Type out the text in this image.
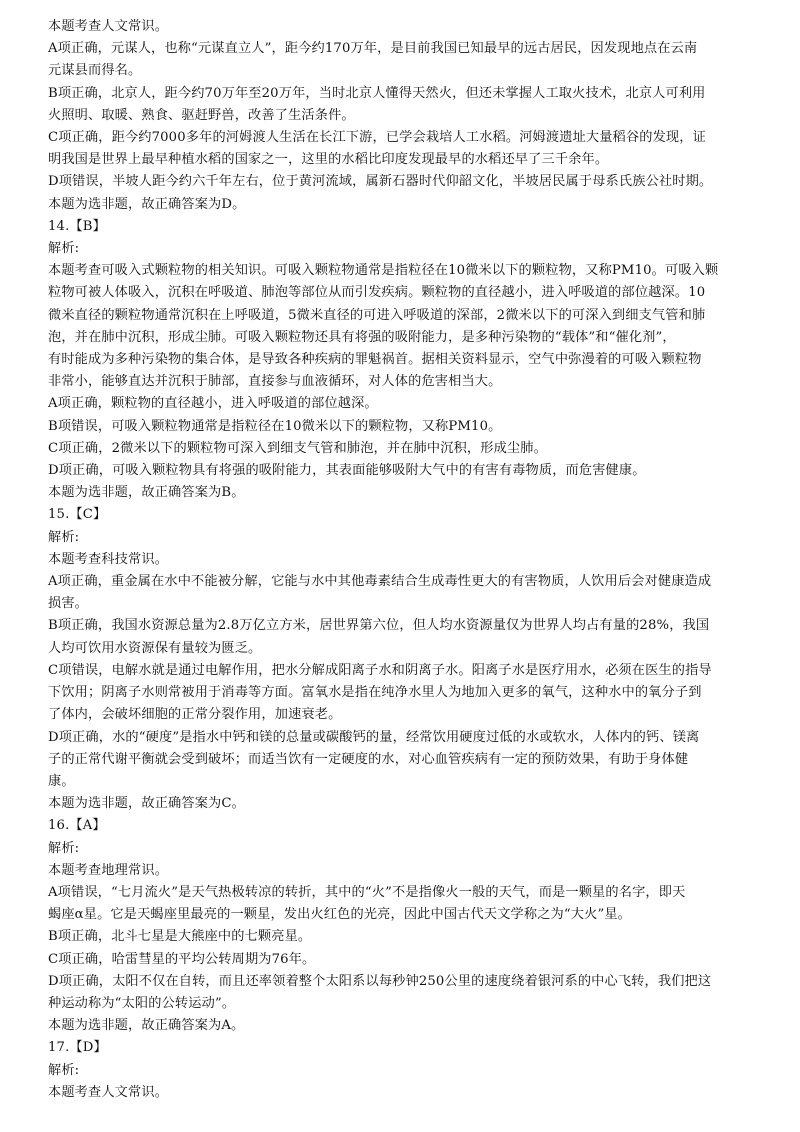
本题考查人文常识。
A项正确，元谋人，也称“元谋直立人”，距今约170万年，是目前我国已知最早的远古居民，因发现地点在云南
元谋县而得名。
B项正确，北京人，距今约70万年至20万年，当时北京人懂得天然火，但还未掌握人工取火技术，北京人可利用
火照明、取暖、熟食、驱赶野兽，改善了生活条件。
C项正确，距今约7000多年的河姆渡人生活在长江下游，已学会栽培人工水稻。河姆渡遗址大量稻谷的发现，证
明我国是世界上最早种植水稻的国家之一，这里的水稻比印度发现最早的水稻还早了三千余年。
D项错误，半坡人距今约六千年左右，位于黄河流域，属新石器时代仰韶文化，半坡居民属于母系氏族公社时期。
本题为选非题，故正确答案为D。
14.【B】
解析:
本题考查可吸入式颗粒物的相关知识。可吸入颗粒物通常是指粒径在10微米以下的颗粒物，又称PM10。可吸入颗
粒物可被人体吸入，沉积在呼吸道、肺泡等部位从而引发疾病。颗粒物的直径越小，进入呼吸道的部位越深。10
微米直径的颗粒物通常沉积在上呼吸道，5微米直径的可进入呼吸道的深部，2微米以下的可深入到细支气管和肺
泡，并在肺中沉积，形成尘肺。可吸入颗粒物还具有将强的吸附能力，是多种污染物的“载体”和“催化剂”，
有时能成为多种污染物的集合体，是导致各种疾病的罪魁祸首。据相关资料显示，空气中弥漫着的可吸入颗粒物
非常小，能够直达并沉积于肺部，直接参与血液循环，对人体的危害相当大。
A项正确，颗粒物的直径越小，进入呼吸道的部位越深。
B项错误，可吸入颗粒物通常是指粒径在10微米以下的颗粒物，又称PM10。
C项正确，2微米以下的颗粒物可深入到细支气管和肺泡，并在肺中沉积，形成尘肺。
D项正确，可吸入颗粒物具有将强的吸附能力，其表面能够吸附大气中的有害有毒物质，而危害健康。
本题为选非题，故正确答案为B。
15.【C】
解析:
本题考查科技常识。
A项正确，重金属在水中不能被分解，它能与水中其他毒素结合生成毒性更大的有害物质，人饮用后会对健康造成
损害。
B项正确，我国水资源总量为2.8万亿立方米，居世界第六位，但人均水资源量仅为世界人均占有量的28%，我国
人均可饮用水资源保有量较为匮乏。
C项错误，电解水就是通过电解作用，把水分解成阳离子水和阴离子水。阳离子水是医疗用水，必须在医生的指导
下饮用；阴离子水则常被用于消毒等方面。富氧水是指在纯净水里人为地加入更多的氧气，这种水中的氧分子到
了体内，会破坏细胞的正常分裂作用，加速衰老。
D项正确，水的“硬度”是指水中钙和镁的总量或碳酸钙的量，经常饮用硬度过低的水或软水，人体内的钙、镁离
子的正常代谢平衡就会受到破坏；而适当饮有一定硬度的水，对心血管疾病有一定的预防效果，有助于身体健
康。
本题为选非题，故正确答案为C。
16.【A】
解析:
本题考查地理常识。
A项错误，“七月流火”是天气热极转凉的转折，其中的“火”不是指像火一般的天气，而是一颗星的名字，即天
蝎座α星。它是天蝎座里最亮的一颗星，发出火红色的光亮，因此中国古代天文学称之为“大火”星。
B项正确，北斗七星是大熊座中的七颗亮星。
C项正确，哈雷彗星的平均公转周期为76年。
D项正确，太阳不仅在自转，而且还率领着整个太阳系以每秒钟250公里的速度绕着银河系的中心飞转，我们把这
种运动称为“太阳的公转运动”。
本题为选非题，故正确答案为A。
17.【D】
解析:
本题考查人文常识。
